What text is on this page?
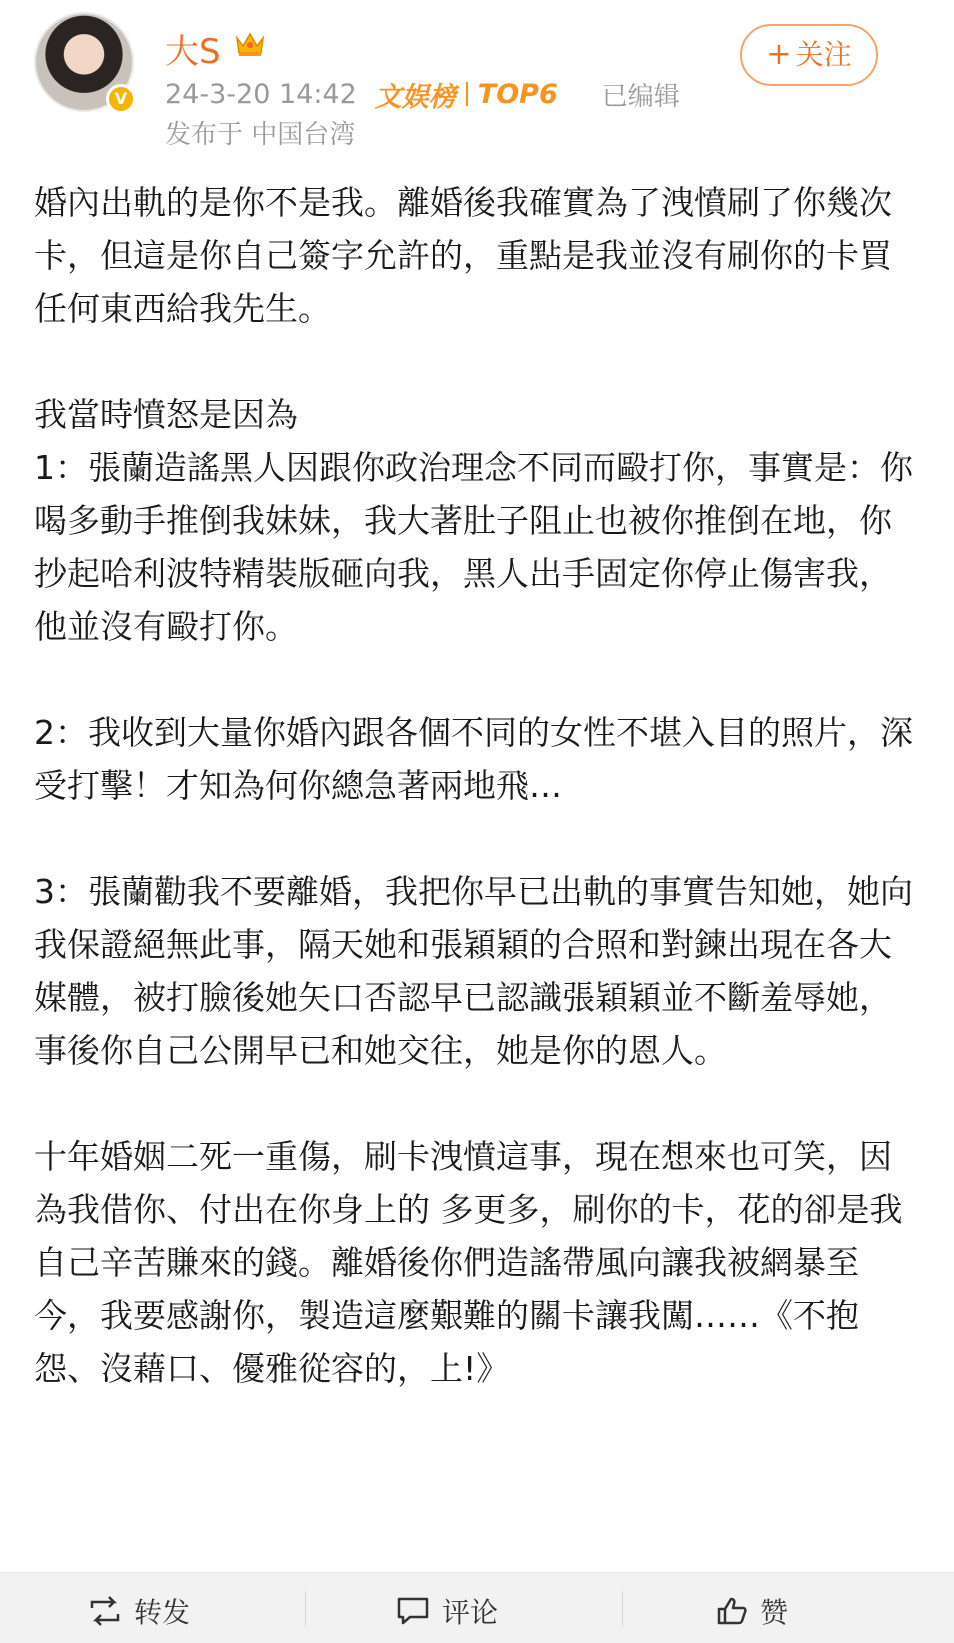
V
大S
24-3-20 14:42 文娱榜 TOP6 已编辑
发布于 中国台湾
+ 关注

婚內出軌的是你不是我。離婚後我確實為了洩憤刷了你幾次卡，但這是你自己簽字允許的，重點是我並沒有刷你的卡買任何東西給我先生。

我當時憤怒是因為

1：張蘭造謠黑人因跟你政治理念不同而毆打你，事實是：你喝多動手推倒我妹妹，我大著肚子阻止也被你推倒在地，你抄起哈利波特精裝版砸向我，黑人出手固定你停止傷害我，他並沒有毆打你。

2：我收到大量你婚內跟各個不同的女性不堪入目的照片，深受打擊！才知為何你總急著兩地飛…

3：張蘭勸我不要離婚，我把你早已出軌的事實告知她，她向我保證絕無此事，隔天她和張穎穎的合照和對鍊出現在各大媒體，被打臉後她矢口否認早已認識張穎穎並不斷羞辱她，事後你自己公開早已和她交往，她是你的恩人。

十年婚姻二死一重傷，刷卡洩憤這事，現在想來也可笑，因為我借你、付出在你身上的 多更多，刷你的卡，花的卻是我自己辛苦賺來的錢。離婚後你們造謠帶風向讓我被網暴至今，我要感謝你，製造這麼艱難的關卡讓我闖……《不抱怨、沒藉口、優雅從容的，上!》

转发	评论	赞
